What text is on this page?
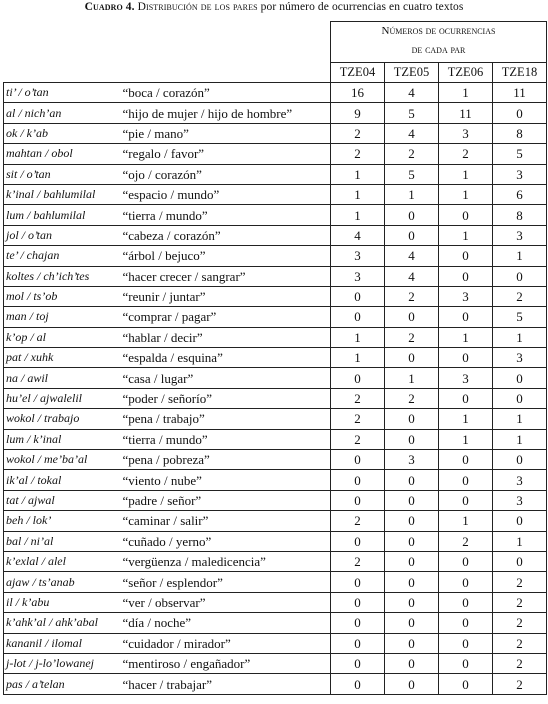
Cuadro 4. Distribución de los pares por número de ocurrencias en cuatro textos

		Números de ocurrencias
de cada par			

		TZE04	TZE05	TZE06	TZE18
ti’ / o’tan	“boca / corazón”	16	4	1	11
al / nich’an	“hijo de mujer / hijo de hombre”	9	5	11	0
ok / k’ab	“pie / mano”	2	4	3	8
mahtan / obol	“regalo / favor”	2	2	2	5
sit / o’tan	“ojo / corazón”	1	5	1	3
k’inal / bahlumilal	“espacio / mundo”	1	1	1	6
lum / bahlumilal	“tierra / mundo”	1	0	0	8
jol / o’tan	“cabeza / corazón”	4	0	1	3
te’ / chajan	“árbol / bejuco”	3	4	0	1
koltes / ch’ich’tes	“hacer crecer / sangrar”	3	4	0	0
mol / ts’ob	“reunir / juntar”	0	2	3	2
man / toj	“comprar / pagar”	0	0	0	5
k’op / al	“hablar / decir”	1	2	1	1
pat / xuhk	“espalda / esquina”	1	0	0	3
na / awil	“casa / lugar”	0	1	3	0
hu’el / ajwalelil	“poder / señorío”	2	2	0	0
wokol / trabajo	“pena / trabajo”	2	0	1	1
lum / k’inal	“tierra / mundo”	2	0	1	1
wokol / me’ba’al	“pena / pobreza”	0	3	0	0
ik’al / tokal	“viento / nube”	0	0	0	3
tat / ajwal	“padre / señor”	0	0	0	3
beh / lok’	“caminar / salir”	2	0	1	0
bal / ni’al	“cuñado / yerno”	0	0	2	1
k’exlal / alel	“vergüenza / maledicencia”	2	0	0	0
ajaw / ts’anab	“señor / esplendor”	0	0	0	2
il / k’abu	“ver / observar”	0	0	0	2
k’ahk’al / ahk’abal	“día / noche”	0	0	0	2
kananil / ilomal	“cuidador / mirador”	0	0	0	2
j-lot / j-lo’lowanej	“mentiroso / engañador”	0	0	0	2
pas / a’telan	“hacer / trabajar”	0	0	0	2
